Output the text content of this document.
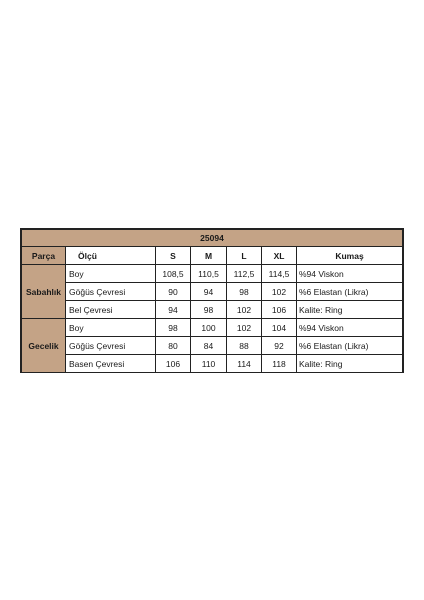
25094						
Parça	Ölçü	S	M	L	XL	Kumaş
Sabahlık	Boy	108,5	110,5	112,5	114,5	%94 Viskon
	Göğüs Çevresi	90	94	98	102	%6 Elastan (Likra)
	Bel Çevresi	94	98	102	106	Kalite: Ring
Gecelik	Boy	98	100	102	104	%94 Viskon
	Göğüs Çevresi	80	84	88	92	%6 Elastan (Likra)
	Basen Çevresi	106	110	114	118	Kalite: Ring
